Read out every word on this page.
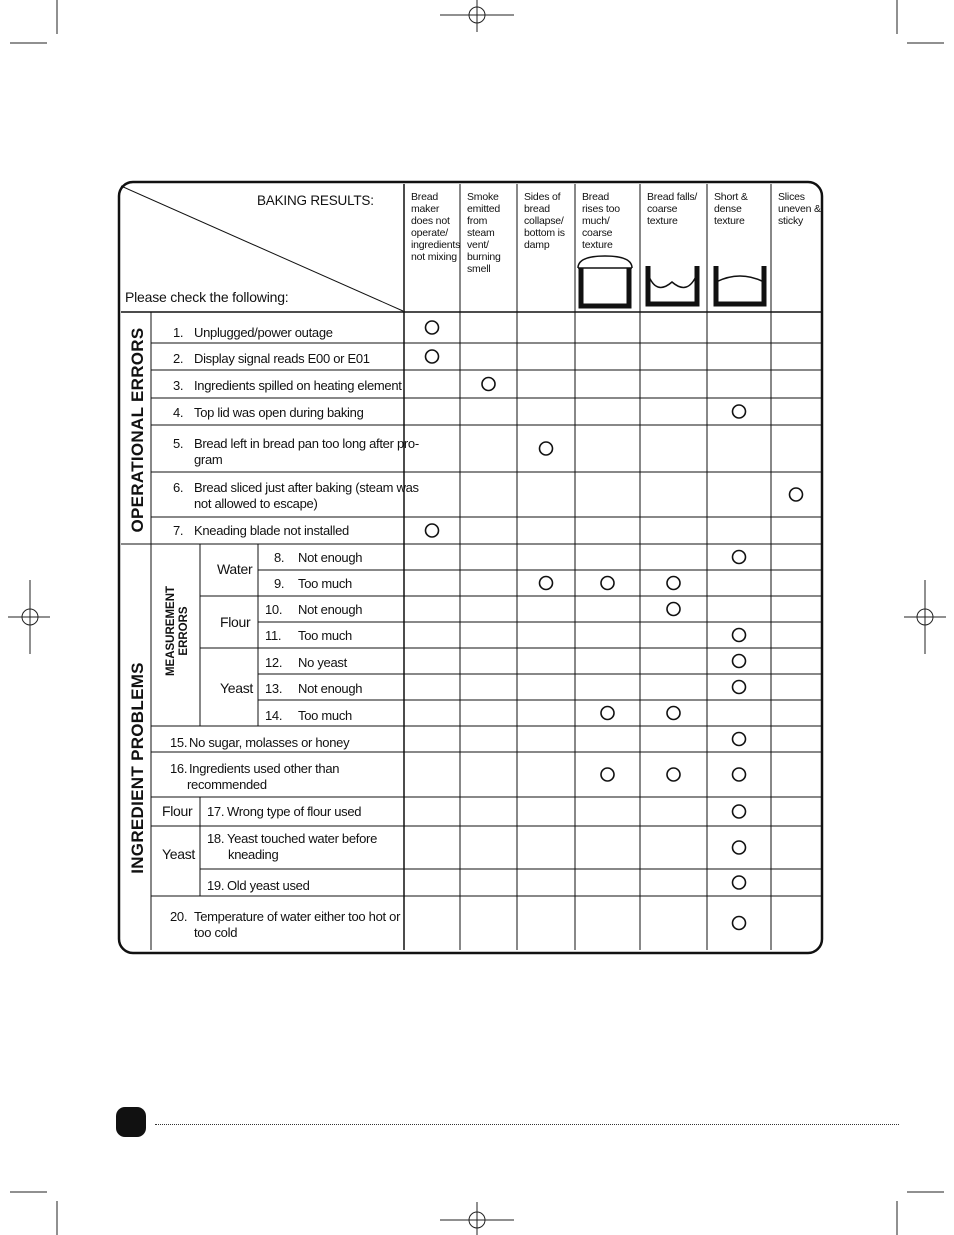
BAKING RESULTS:
Please check the following:
OPERATIONAL ERRORS
INGREDIENT PROBLEMS
MEASUREMENT ERRORS
Water
Flour
Yeast
Flour
Yeast
Bread
maker
does not
operate/
ingredients
not mixing
Smoke
emitted
from
steam
vent/
burning
smell
Sides of
bread
collapse/
bottom is
damp
Bread
rises too
much/
coarse
texture
Bread falls/
coarse
texture
Short &
dense
texture
Slices
uneven &
sticky
1. Unplugged/power outage
2. Display signal reads E00 or E01
3. Ingredients spilled on heating element
4. Top lid was open during baking
5. Bread left in bread pan too long after pro-
gram
6. Bread sliced just after baking (steam was
not allowed to escape)
7. Kneading blade not installed
8. Not enough
9. Too much
10. Not enough
11. Too much
12. No yeast
13. Not enough
14. Too much
15. No sugar, molasses or honey
16. Ingredients used other than
recommended
17. Wrong type of flour used
18. Yeast touched water before
kneading
19. Old yeast used
20. Temperature of water either too hot or
too cold
